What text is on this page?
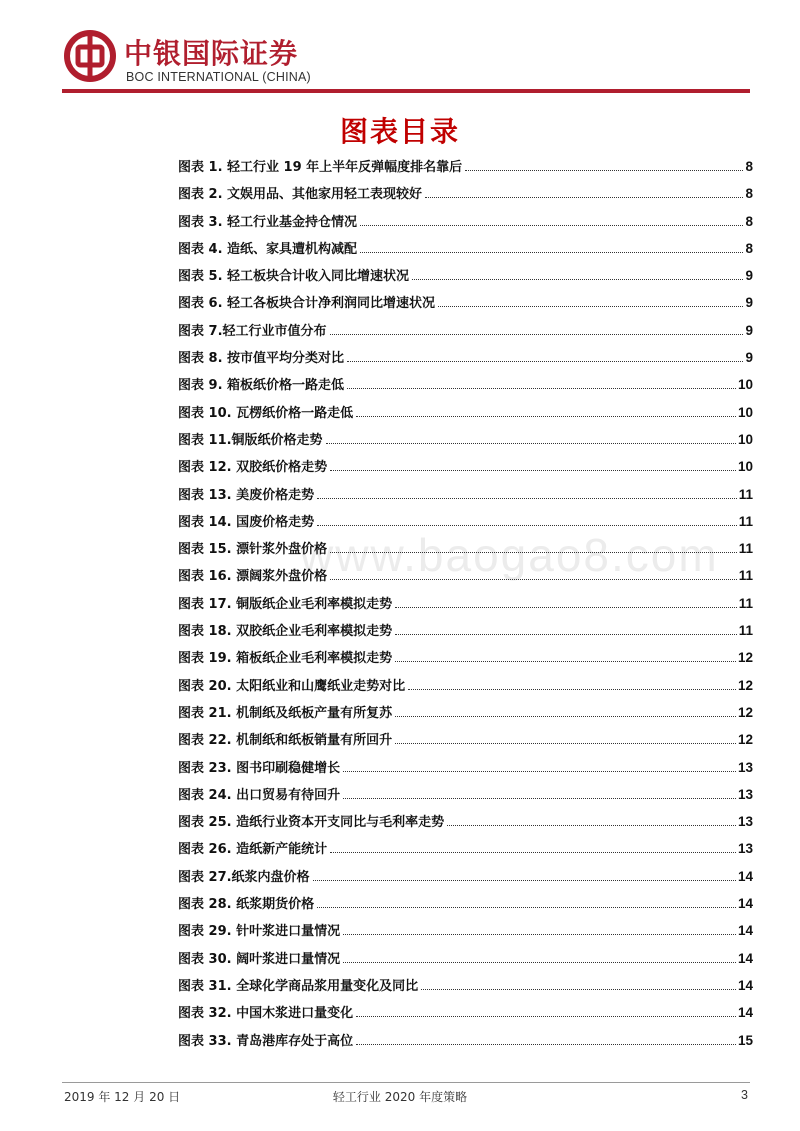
中银国际证券
BOC INTERNATIONAL (CHINA)
图表目录
www.baogao8.com
图表 1. 轻工行业 19 年上半年反弹幅度排名靠后	8
图表 2. 文娱用品、其他家用轻工表现较好	8
图表 3. 轻工行业基金持仓情况	8
图表 4. 造纸、家具遭机构减配	8
图表 5. 轻工板块合计收入同比增速状况	9
图表 6. 轻工各板块合计净利润同比增速状况	9
图表 7.轻工行业市值分布	9
图表 8. 按市值平均分类对比	9
图表 9. 箱板纸价格一路走低	10
图表 10. 瓦楞纸价格一路走低	10
图表 11.铜版纸价格走势	10
图表 12. 双胶纸价格走势	10
图表 13. 美废价格走势	11
图表 14. 国废价格走势	11
图表 15. 漂针浆外盘价格	11
图表 16. 漂阔浆外盘价格	11
图表 17. 铜版纸企业毛利率模拟走势	11
图表 18. 双胶纸企业毛利率模拟走势	11
图表 19. 箱板纸企业毛利率模拟走势	12
图表 20. 太阳纸业和山鹰纸业走势对比	12
图表 21. 机制纸及纸板产量有所复苏	12
图表 22. 机制纸和纸板销量有所回升	12
图表 23. 图书印刷稳健增长	13
图表 24. 出口贸易有待回升	13
图表 25. 造纸行业资本开支同比与毛利率走势	13
图表 26. 造纸新产能统计	13
图表 27.纸浆内盘价格	14
图表 28. 纸浆期货价格	14
图表 29. 针叶浆进口量情况	14
图表 30. 阔叶浆进口量情况	14
图表 31. 全球化学商品浆用量变化及同比	14
图表 32. 中国木浆进口量变化	14
图表 33. 青岛港库存处于高位	15
2019 年 12 月 20 日	轻工行业 2020 年度策略	3
